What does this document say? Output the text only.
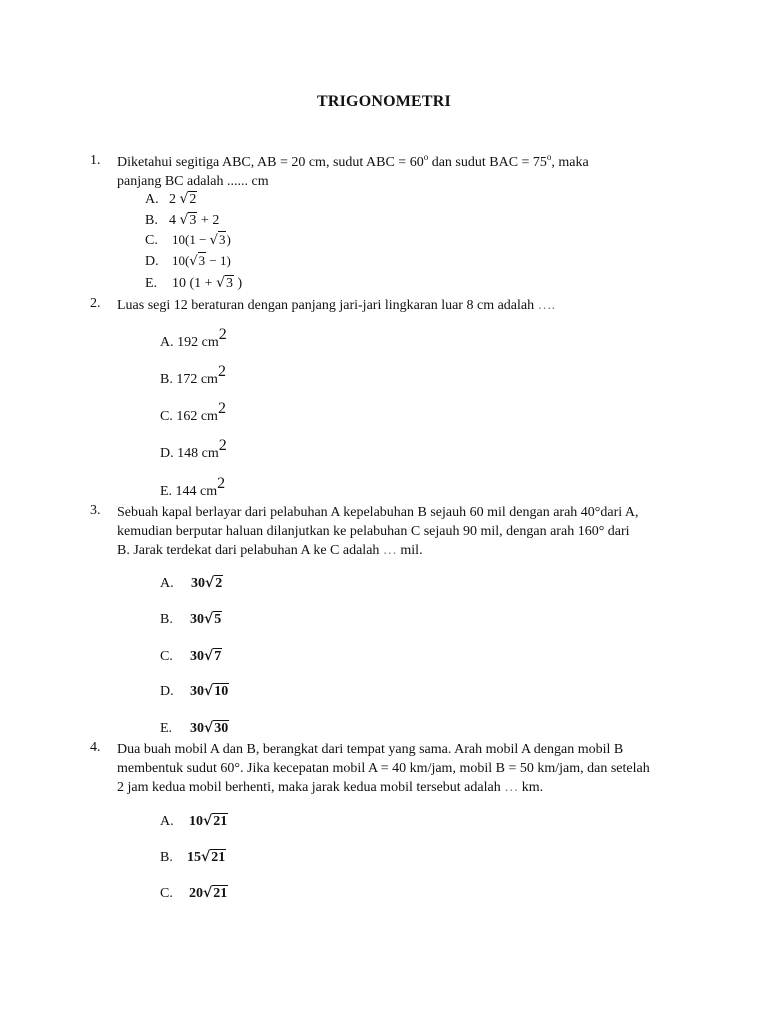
TRIGONOMETRI
1. Diketahui segitiga ABC, AB = 20 cm, sudut ABC = $60^o$ dan sudut BAC = $75^o$, maka
panjang BC adalah ...... cm
A. 2 √2
B. 4 √3 + 2
C. 10(1 − √3)
D. 10(√3 − 1)
E. 10 (1 + √3 )
2. Luas segi 12 beraturan dengan panjang jari-jari lingkaran luar 8 cm adalah ….
A. 192 cm2
B. 172 cm2
C. 162 cm2
D. 148 cm2
E. 144 cm2
3. Sebuah kapal berlayar dari pelabuhan A kepelabuhan B sejauh 60 mil dengan arah 40°dari A,
kemudian berputar haluan dilanjutkan ke pelabuhan C sejauh 90 mil, dengan arah 160° dari
B. Jarak terdekat dari pelabuhan A ke C adalah … mil.
A. 30√2
B. 30√5
C. 30√7
D. 30√10
E. 30√30
4. Dua buah mobil A dan B, berangkat dari tempat yang sama. Arah mobil A dengan mobil B
membentuk sudut 60°. Jika kecepatan mobil A = 40 km/jam, mobil B = 50 km/jam, dan setelah
2 jam kedua mobil berhenti, maka jarak kedua mobil tersebut adalah … km.
A. 10√21
B. 15√21
C. 20√21
